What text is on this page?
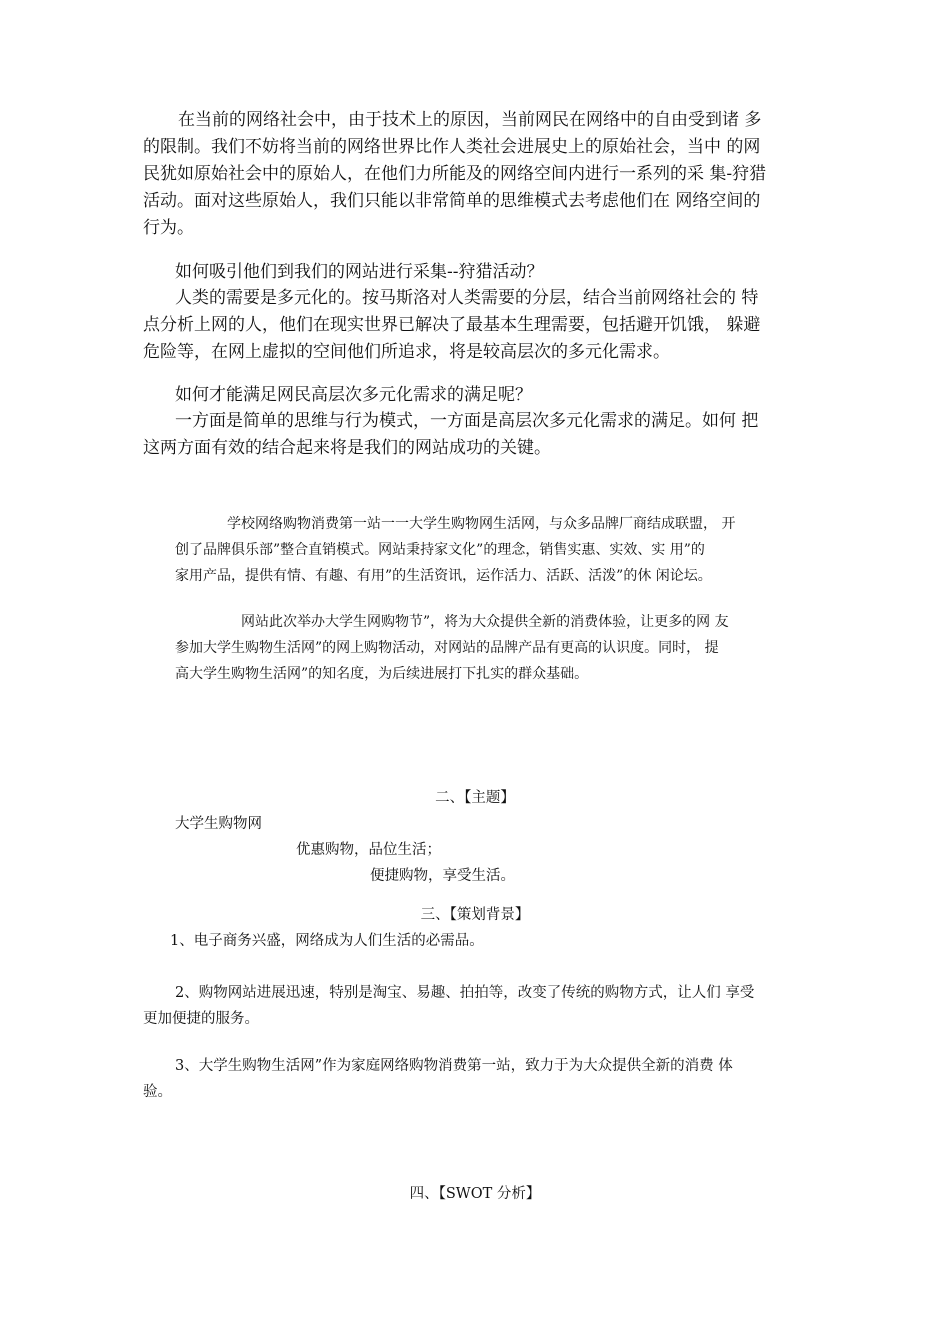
在当前的网络社会中，由于技术上的原因，当前网民在网络中的自由受到诸 多

的限制。我们不妨将当前的网络世界比作人类社会进展史上的原始社会，当中 的网

民犹如原始社会中的原始人，在他们力所能及的网络空间内进行一系列的采 集-狩猎

活动。面对这些原始人，我们只能以非常简单的思维模式去考虑他们在 网络空间的

行为。

如何吸引他们到我们的网站进行采集--狩猎活动？

人类的需要是多元化的。按马斯洛对人类需要的分层，结合当前网络社会的 特

点分析上网的人，他们在现实世界已解决了最基本生理需要，包括避开饥饿， 躲避

危险等，在网上虚拟的空间他们所追求，将是较高层次的多元化需求。

如何才能满足网民高层次多元化需求的满足呢？

一方面是简单的思维与行为模式，一方面是高层次多元化需求的满足。如何 把

这两方面有效的结合起来将是我们的网站成功的关键。

学校网络购物消费第一站一一大学生购物网生活网，与众多品牌厂商结成联盟， 开

创了品牌俱乐部”整合直销模式。网站秉持家文化”的理念，销售实惠、实效、实 用”的

家用产品，提供有情、有趣、有用”的生活资讯，运作活力、活跃、活泼”的休 闲论坛。

网站此次举办大学生网购物节”，将为大众提供全新的消费体验，让更多的网 友

参加大学生购物生活网”的网上购物活动，对网站的品牌产品有更高的认识度。同时， 提

高大学生购物生活网”的知名度，为后续进展打下扎实的群众基础。

二、【主题】

大学生购物网

优惠购物，品位生活；

便捷购物，享受生活。

三、【策划背景】

1、电子商务兴盛，网络成为人们生活的必需品。

2、购物网站进展迅速，特别是淘宝、易趣、拍拍等，改变了传统的购物方式，让人们 享受

更加便捷的服务。

3、大学生购物生活网”作为家庭网络购物消费第一站，致力于为大众提供全新的消费 体

验。

四、【SWOT 分析】
